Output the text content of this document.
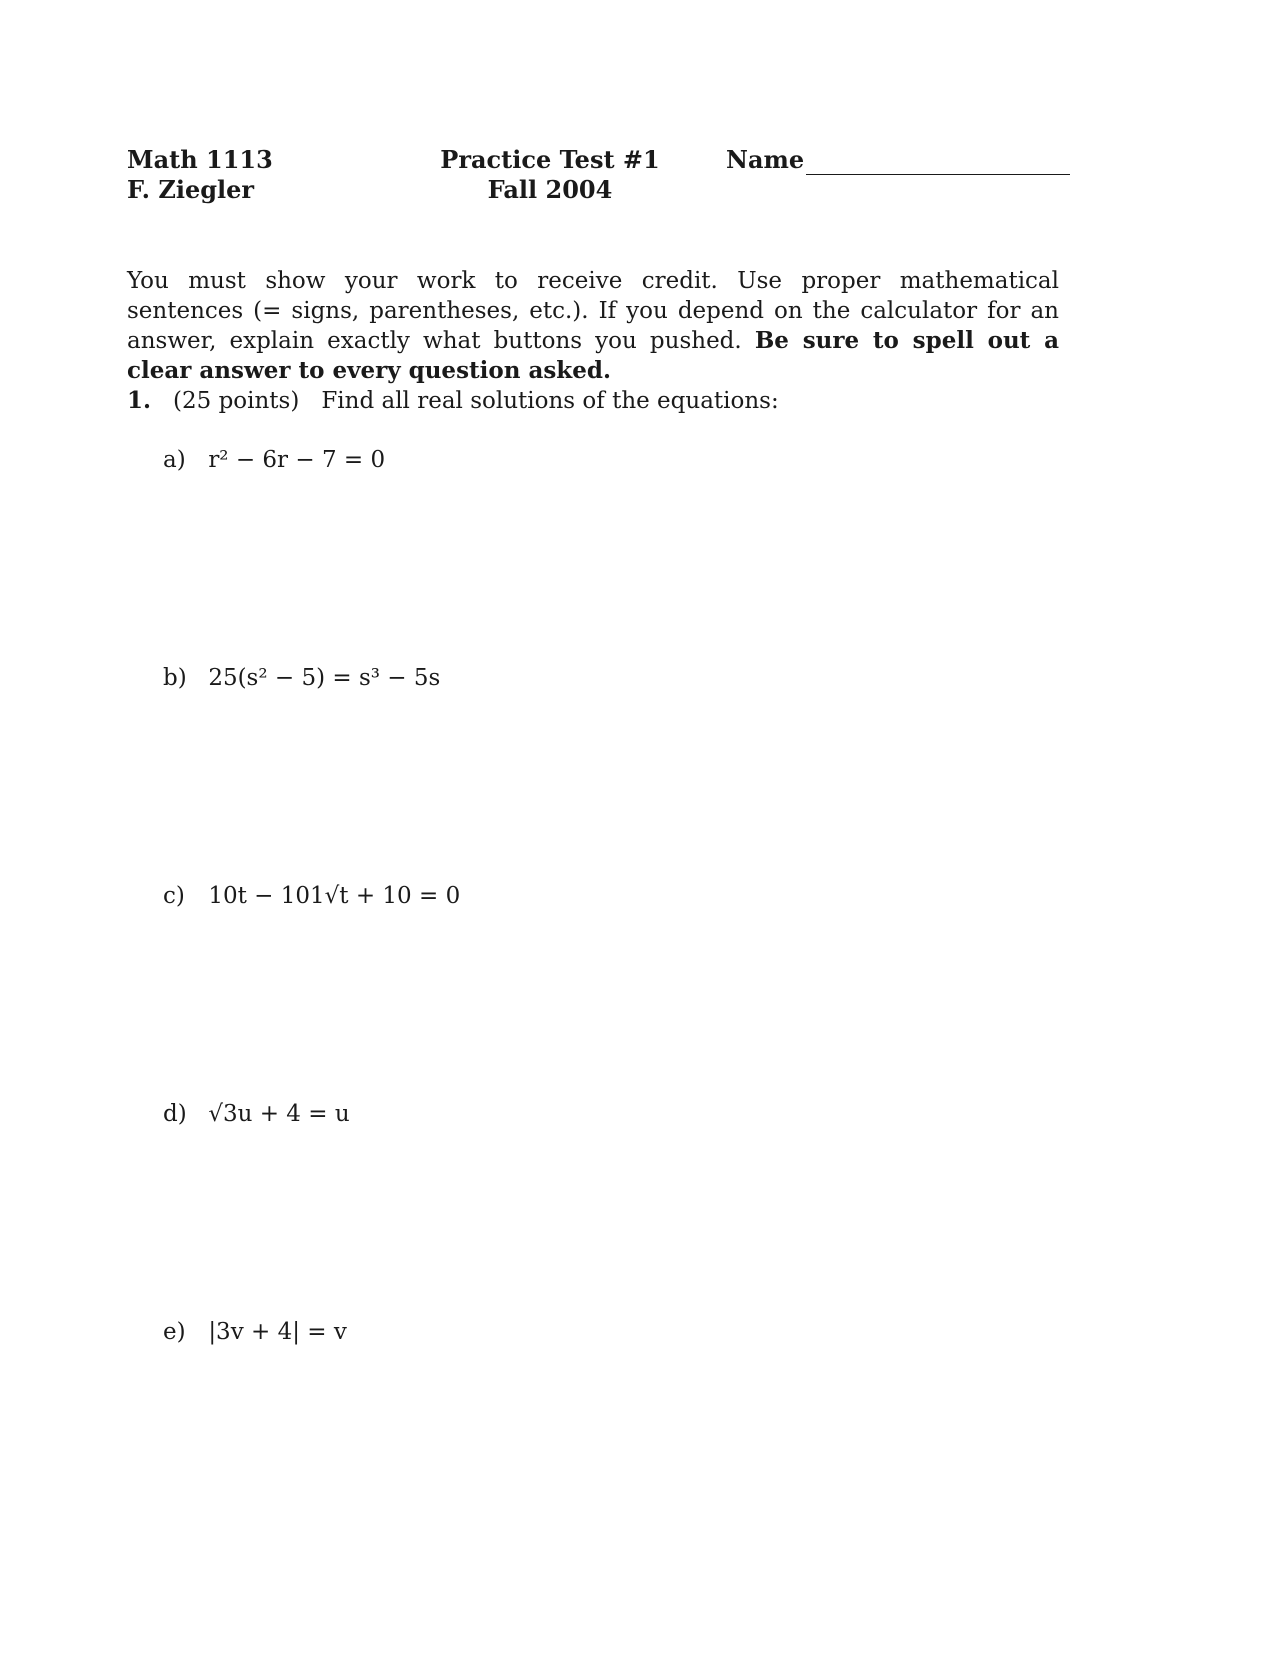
Math 1113
F. Ziegler
Practice Test #1
Fall 2004
Name
You must show your work to receive credit. Use proper mathematical sentences (= signs, parentheses, etc.). If you depend on the calculator for an answer, explain exactly what buttons you pushed. Be sure to spell out a clear answer to every question asked.
1. (25 points) Find all real solutions of the equations:
a) r² − 6r − 7 = 0
b) 25(s² − 5) = s³ − 5s
c) 10t − 101√t + 10 = 0
d) √3u + 4 = u
e) |3v + 4| = v
